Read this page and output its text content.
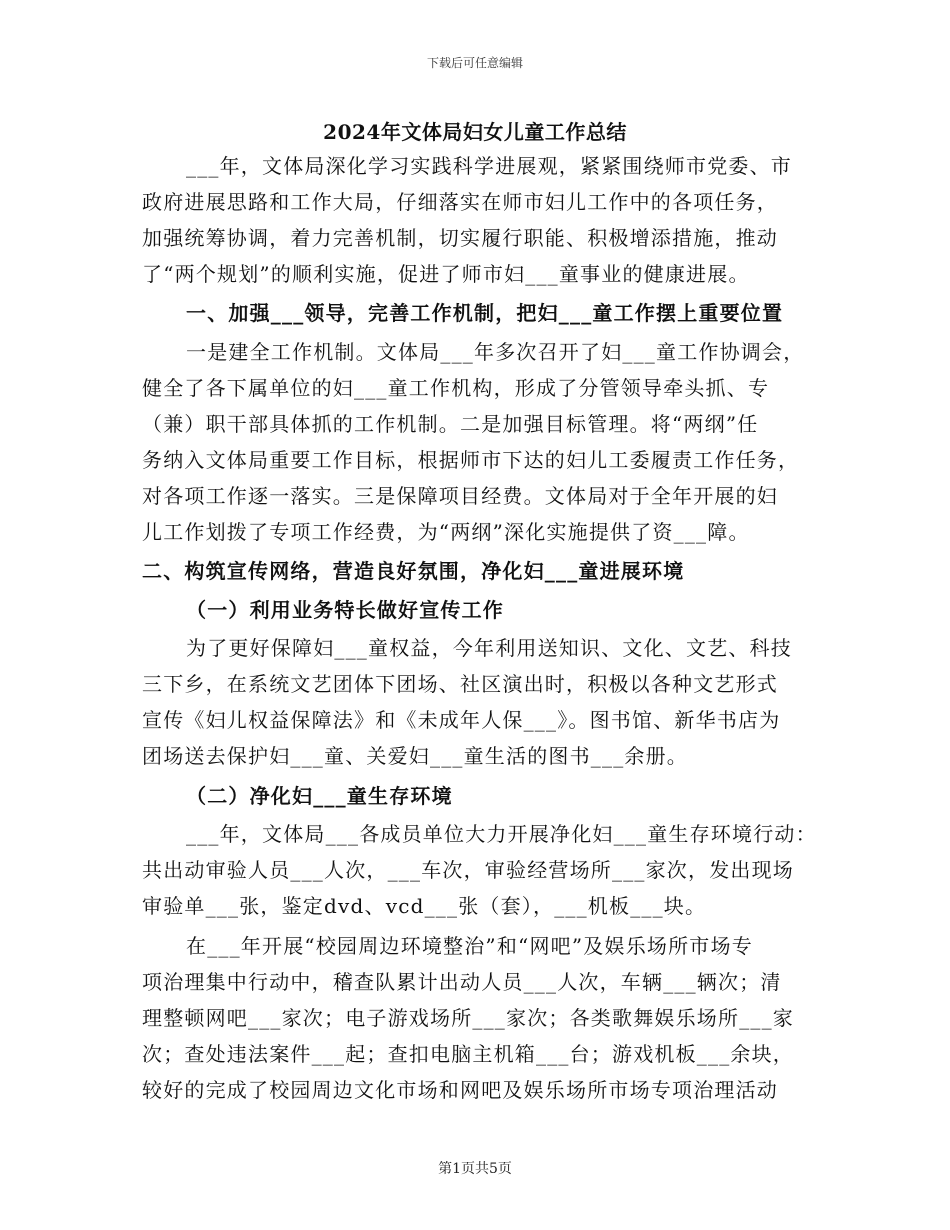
下载后可任意编辑
2024年文体局妇女儿童工作总结
___年，文体局深化学习实践科学进展观，紧紧围绕师市党委、市
政府进展思路和工作大局，仔细落实在师市妇儿工作中的各项任务，
加强统筹协调，着力完善机制，切实履行职能、积极增添措施，推动
了“两个规划”的顺利实施，促进了师市妇___童事业的健康进展。
一、加强___领导，完善工作机制，把妇___童工作摆上重要位置
一是建全工作机制。文体局___年多次召开了妇___童工作协调会，
健全了各下属单位的妇___童工作机构，形成了分管领导牵头抓、专
（兼）职干部具体抓的工作机制。二是加强目标管理。将“两纲”任
务纳入文体局重要工作目标，根据师市下达的妇儿工委履责工作任务，
对各项工作逐一落实。三是保障项目经费。文体局对于全年开展的妇
儿工作划拨了专项工作经费，为“两纲”深化实施提供了资___障。
二、构筑宣传网络，营造良好氛围，净化妇___童进展环境
（一）利用业务特长做好宣传工作
为了更好保障妇___童权益，今年利用送知识、文化、文艺、科技
三下乡，在系统文艺团体下团场、社区演出时，积极以各种文艺形式
宣传《妇儿权益保障法》和《未成年人保___》。图书馆、新华书店为
团场送去保护妇___童、关爱妇___童生活的图书___余册。
（二）净化妇___童生存环境
___年，文体局___各成员单位大力开展净化妇___童生存环境行动：
共出动审验人员___人次，___车次，审验经营场所___家次，发出现场
审验单___张，鉴定dvd、vcd___张（套），___机板___块。
在___年开展“校园周边环境整治”和“网吧”及娱乐场所市场专
项治理集中行动中，稽查队累计出动人员___人次，车辆___辆次；清
理整顿网吧___家次；电子游戏场所___家次；各类歌舞娱乐场所___家
次；查处违法案件___起；查扣电脑主机箱___台；游戏机板___余块，
较好的完成了校园周边文化市场和网吧及娱乐场所市场专项治理活动
第1页共5页
